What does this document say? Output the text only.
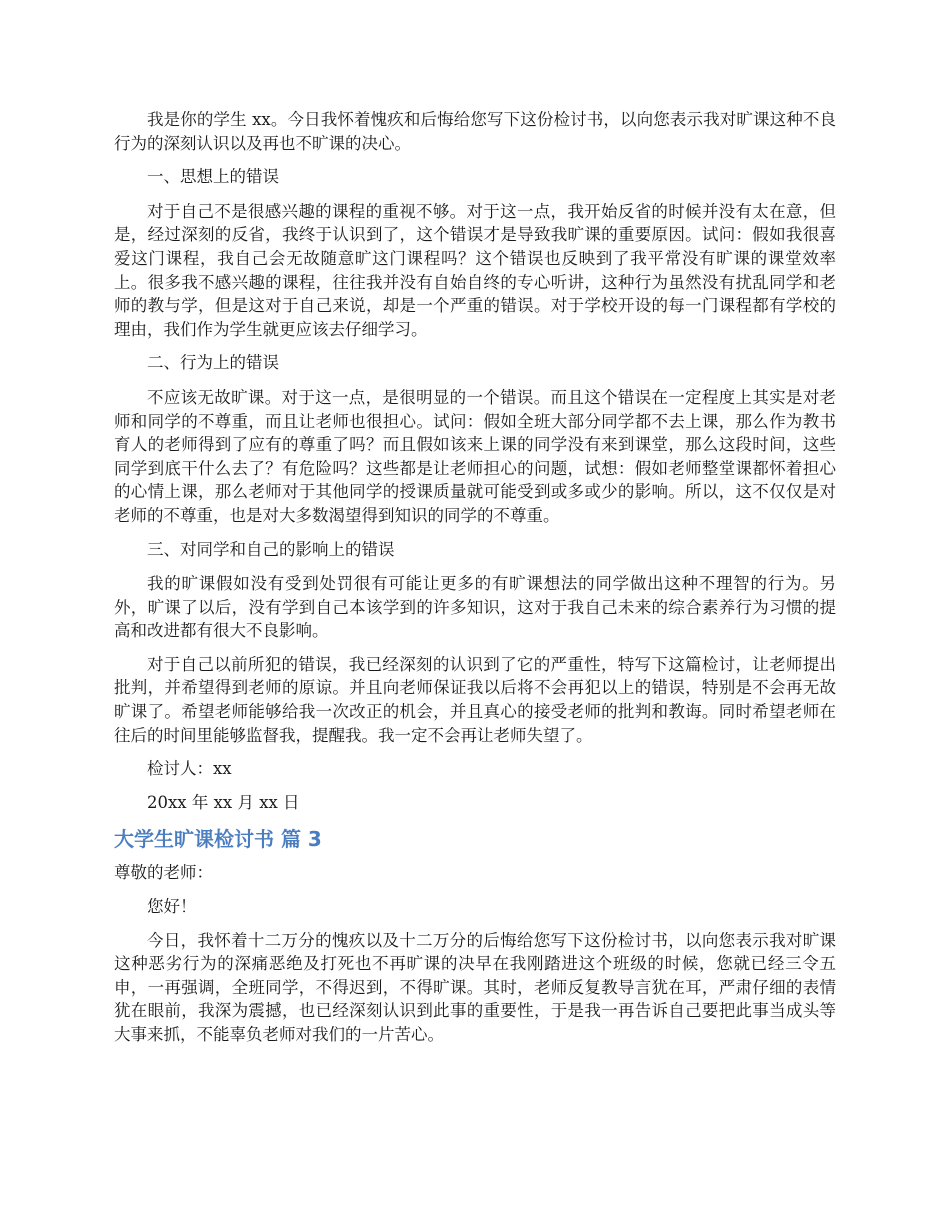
我是你的学生 xx。今日我怀着愧疚和后悔给您写下这份检讨书，以向您表示我对旷课这种不良行为的深刻认识以及再也不旷课的决心。

一、思想上的错误

对于自己不是很感兴趣的课程的重视不够。对于这一点，我开始反省的时候并没有太在意，但是，经过深刻的反省，我终于认识到了，这个错误才是导致我旷课的重要原因。试问：假如我很喜爱这门课程，我自己会无故随意旷这门课程吗？这个错误也反映到了我平常没有旷课的课堂效率上。很多我不感兴趣的课程，往往我并没有自始自终的专心听讲，这种行为虽然没有扰乱同学和老师的教与学，但是这对于自己来说，却是一个严重的错误。对于学校开设的每一门课程都有学校的理由，我们作为学生就更应该去仔细学习。

二、行为上的错误

不应该无故旷课。对于这一点，是很明显的一个错误。而且这个错误在一定程度上其实是对老师和同学的不尊重，而且让老师也很担心。试问：假如全班大部分同学都不去上课，那么作为教书育人的老师得到了应有的尊重了吗？而且假如该来上课的同学没有来到课堂，那么这段时间，这些同学到底干什么去了？有危险吗？这些都是让老师担心的问题，试想：假如老师整堂课都怀着担心的心情上课，那么老师对于其他同学的授课质量就可能受到或多或少的影响。所以，这不仅仅是对老师的不尊重，也是对大多数渴望得到知识的同学的不尊重。

三、对同学和自己的影响上的错误

我的旷课假如没有受到处罚很有可能让更多的有旷课想法的同学做出这种不理智的行为。另外，旷课了以后，没有学到自己本该学到的许多知识，这对于我自己未来的综合素养行为习惯的提高和改进都有很大不良影响。

对于自己以前所犯的错误，我已经深刻的认识到了它的严重性，特写下这篇检讨，让老师提出批判，并希望得到老师的原谅。并且向老师保证我以后将不会再犯以上的错误，特别是不会再无故旷课了。希望老师能够给我一次改正的机会，并且真心的接受老师的批判和教诲。同时希望老师在往后的时间里能够监督我，提醒我。我一定不会再让老师失望了。

检讨人：xx

20xx 年 xx 月 xx 日

大学生旷课检讨书 篇 3

尊敬的老师：

您好！

今日，我怀着十二万分的愧疚以及十二万分的后悔给您写下这份检讨书，以向您表示我对旷课这种恶劣行为的深痛恶绝及打死也不再旷课的决早在我刚踏进这个班级的时候，您就已经三令五申，一再强调，全班同学，不得迟到，不得旷课。其时，老师反复教导言犹在耳，严肃仔细的表情犹在眼前，我深为震撼，也已经深刻认识到此事的重要性，于是我一再告诉自己要把此事当成头等大事来抓，不能辜负老师对我们的一片苦心。
